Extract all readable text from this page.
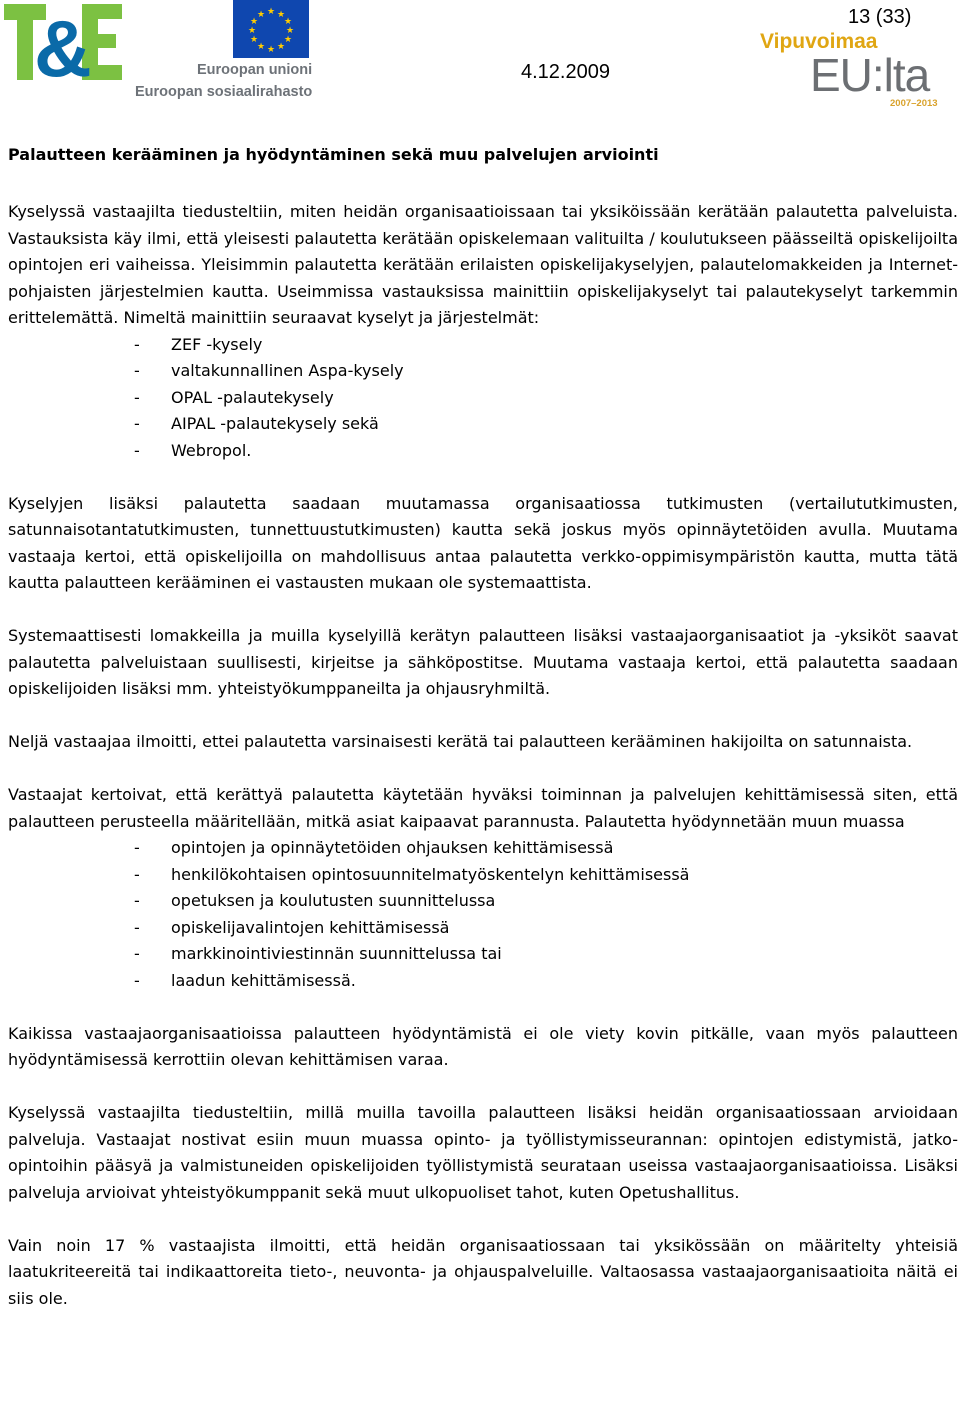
&	★ ★
★
★
★
★
★
★
★
★
★
★
Euroopan unioni
Euroopan sosiaalirahasto
13 (33)
4.12.2009
Vipuvoimaa
EU:lta
2007–2013
Palautteen kerääminen ja hyödyntäminen sekä muu palvelujen arviointi

Kyselyssä vastaajilta tiedusteltiin, miten heidän organisaatioissaan tai yksiköissään kerätään palautetta palveluista. Vastauksista käy ilmi, että yleisesti palautetta kerätään opiskelemaan valituilta / koulutukseen päässeiltä opiskelijoilta opintojen eri vaiheissa. Yleisimmin palautetta kerätään erilaisten opiskelijakyselyjen, palautelomakkeiden ja Internet-pohjaisten järjestelmien kautta. Useimmissa vastauksissa mainittiin opiskelijakyselyt tai palautekyselyt tarkemmin erittelemättä. Nimeltä mainittiin seuraavat kyselyt ja järjestelmät:

- ZEF -kysely
- valtakunnallinen Aspa-kysely
- OPAL -palautekysely
- AIPAL -palautekysely sekä
- Webropol.

Kyselyjen lisäksi palautetta saadaan muutamassa organisaatiossa tutkimusten (vertailututkimusten, satunnaisotantatutkimusten, tunnettuustutkimusten) kautta sekä joskus myös opinnäytetöiden avulla. Muutama vastaaja kertoi, että opiskelijoilla on mahdollisuus antaa palautetta verkko-oppimisympäristön kautta, mutta tätä kautta palautteen kerääminen ei vastausten mukaan ole systemaattista.

Systemaattisesti lomakkeilla ja muilla kyselyillä kerätyn palautteen lisäksi vastaajaorganisaatiot ja -yksiköt saavat palautetta palveluistaan suullisesti, kirjeitse ja sähköpostitse. Muutama vastaaja kertoi, että palautetta saadaan opiskelijoiden lisäksi mm. yhteistyökumppaneilta ja ohjausryhmiltä.

Neljä vastaajaa ilmoitti, ettei palautetta varsinaisesti kerätä tai palautteen kerääminen hakijoilta on satunnaista.

Vastaajat kertoivat, että kerättyä palautetta käytetään hyväksi toiminnan ja palvelujen kehittämisessä siten, että palautteen perusteella määritellään, mitkä asiat kaipaavat parannusta. Palautetta hyödynnetään muun muassa

- opintojen ja opinnäytetöiden ohjauksen kehittämisessä
- henkilökohtaisen opintosuunnitelmatyöskentelyn kehittämisessä
- opetuksen ja koulutusten suunnittelussa
- opiskelijavalintojen kehittämisessä
- markkinointiviestinnän suunnittelussa tai
- laadun kehittämisessä.

Kaikissa vastaajaorganisaatioissa palautteen hyödyntämistä ei ole viety kovin pitkälle, vaan myös palautteen hyödyntämisessä kerrottiin olevan kehittämisen varaa.

Kyselyssä vastaajilta tiedusteltiin, millä muilla tavoilla palautteen lisäksi heidän organisaatiossaan arvioidaan palveluja. Vastaajat nostivat esiin muun muassa opinto- ja työllistymisseurannan: opintojen edistymistä, jatko-opintoihin pääsyä ja valmistuneiden opiskelijoiden työllistymistä seurataan useissa vastaajaorganisaatioissa. Lisäksi palveluja arvioivat yhteistyökumppanit sekä muut ulkopuoliset tahot, kuten Opetushallitus.

Vain noin 17 % vastaajista ilmoitti, että heidän organisaatiossaan tai yksikössään on määritelty yhteisiä laatukriteereitä tai indikaattoreita tieto-, neuvonta- ja ohjauspalveluille. Valtaosassa vastaajaorganisaatioita näitä ei siis ole.
